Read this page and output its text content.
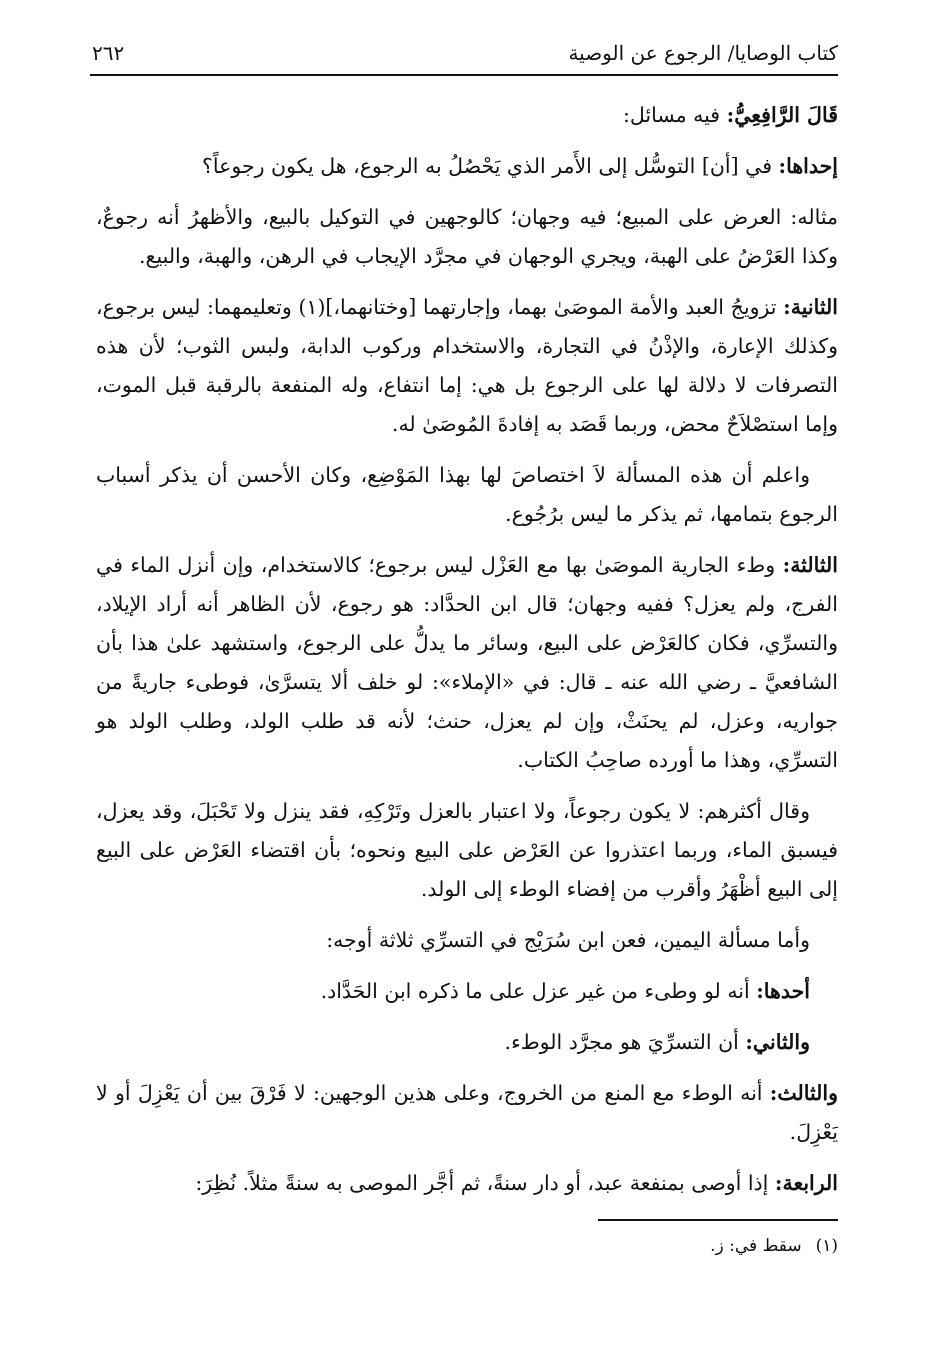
كتاب الوصايا/ الرجوع عن الوصية
٢٦٢

قَالَ الرَّافِعِيُّ: فيه مسائل:

إحداها: في [أن] التوسُّل إلى الأَمر الذي يَحْصُلُ به الرجوع، هل يكون رجوعاً؟

مثاله: العرض على المبيع؛ فيه وجهان؛ كالوجهين في التوكيل بالبيع، والأظهرُ أنه رجوعٌ، وكذا العَرْضُ على الهبة، ويجري الوجهان في مجرَّد الإيجاب في الرهن، والهبة، والبيع.

الثانية: تزويجُ العبد والأمة الموصَىٰ بهما، وإجارتهما [وختانهما،](١) وتعليمهما: ليس برجوع، وكذلك الإعارة، والإذْنُ في التجارة، والاستخدام وركوب الدابة، ولبس الثوب؛ لأن هذه التصرفات لا دلالة لها على الرجوع بل هي: إما انتفاع، وله المنفعة بالرقبة قبل الموت، وإما استصْلاَحٌ محض، وربما قَصَد به إفادةَ المُوصَىٰ له.

واعلم أن هذه المسألة لاَ اختصاصَ لها بهذا المَوْضِع، وكان الأحسن أن يذكر أسباب الرجوع بتمامها، ثم يذكر ما ليس برُجُوع.

الثالثة: وطء الجارية الموصَىٰ بها مع العَزْل ليس برجوع؛ كالاستخدام، وإن أنزل الماء في الفرج، ولم يعزل؟ ففيه وجهان؛ قال ابن الحدَّاد: هو رجوع، لأن الظاهر أنه أراد الإيلاد، والتسرِّي، فكان كالعَرْض على البيع، وسائر ما يدلُّ على الرجوع، واستشهد علىٰ هذا بأن الشافعيَّ ـ رضي الله عنه ـ قال: في «الإملاء»: لو خلف ألا يتسرَّىٰ، فوطىء جاريةً من جواريه، وعزل، لم يحنَثْ، وإن لم يعزل، حنث؛ لأنه قد طلب الولد، وطلب الولد هو التسرِّي، وهذا ما أورده صاحِبُ الكتاب.

وقال أكثرهم: لا يكون رجوعاً، ولا اعتبار بالعزل وتَرْكِهِ، فقد ينزل ولا تَحْبَلَ، وقد يعزل، فيسبق الماء، وربما اعتذروا عن العَرْض على البيع ونحوه؛ بأن اقتضاء العَرْض على البيع إلى البيع أظْهَرُ وأقرب من إفضاء الوطء إلى الولد.

وأما مسألة اليمين، فعن ابن سُرَيْج في التسرِّي ثلاثة أوجه:

أحدها: أنه لو وطىء من غير عزل على ما ذكره ابن الحَدَّاد.

والثاني: أن التسرِّيَ هو مجرَّد الوطء.

والثالث: أنه الوطء مع المنع من الخروج، وعلى هذين الوجهين: لا فَرْقَ بين أن يَعْزِلَ أو لا يَعْزِلَ.

الرابعة: إذا أوصى بمنفعة عبد، أو دار سنةً، ثم أجَّر الموصى به سنةً مثلاً. نُظِرَ:

(١)سقط في: ز.
